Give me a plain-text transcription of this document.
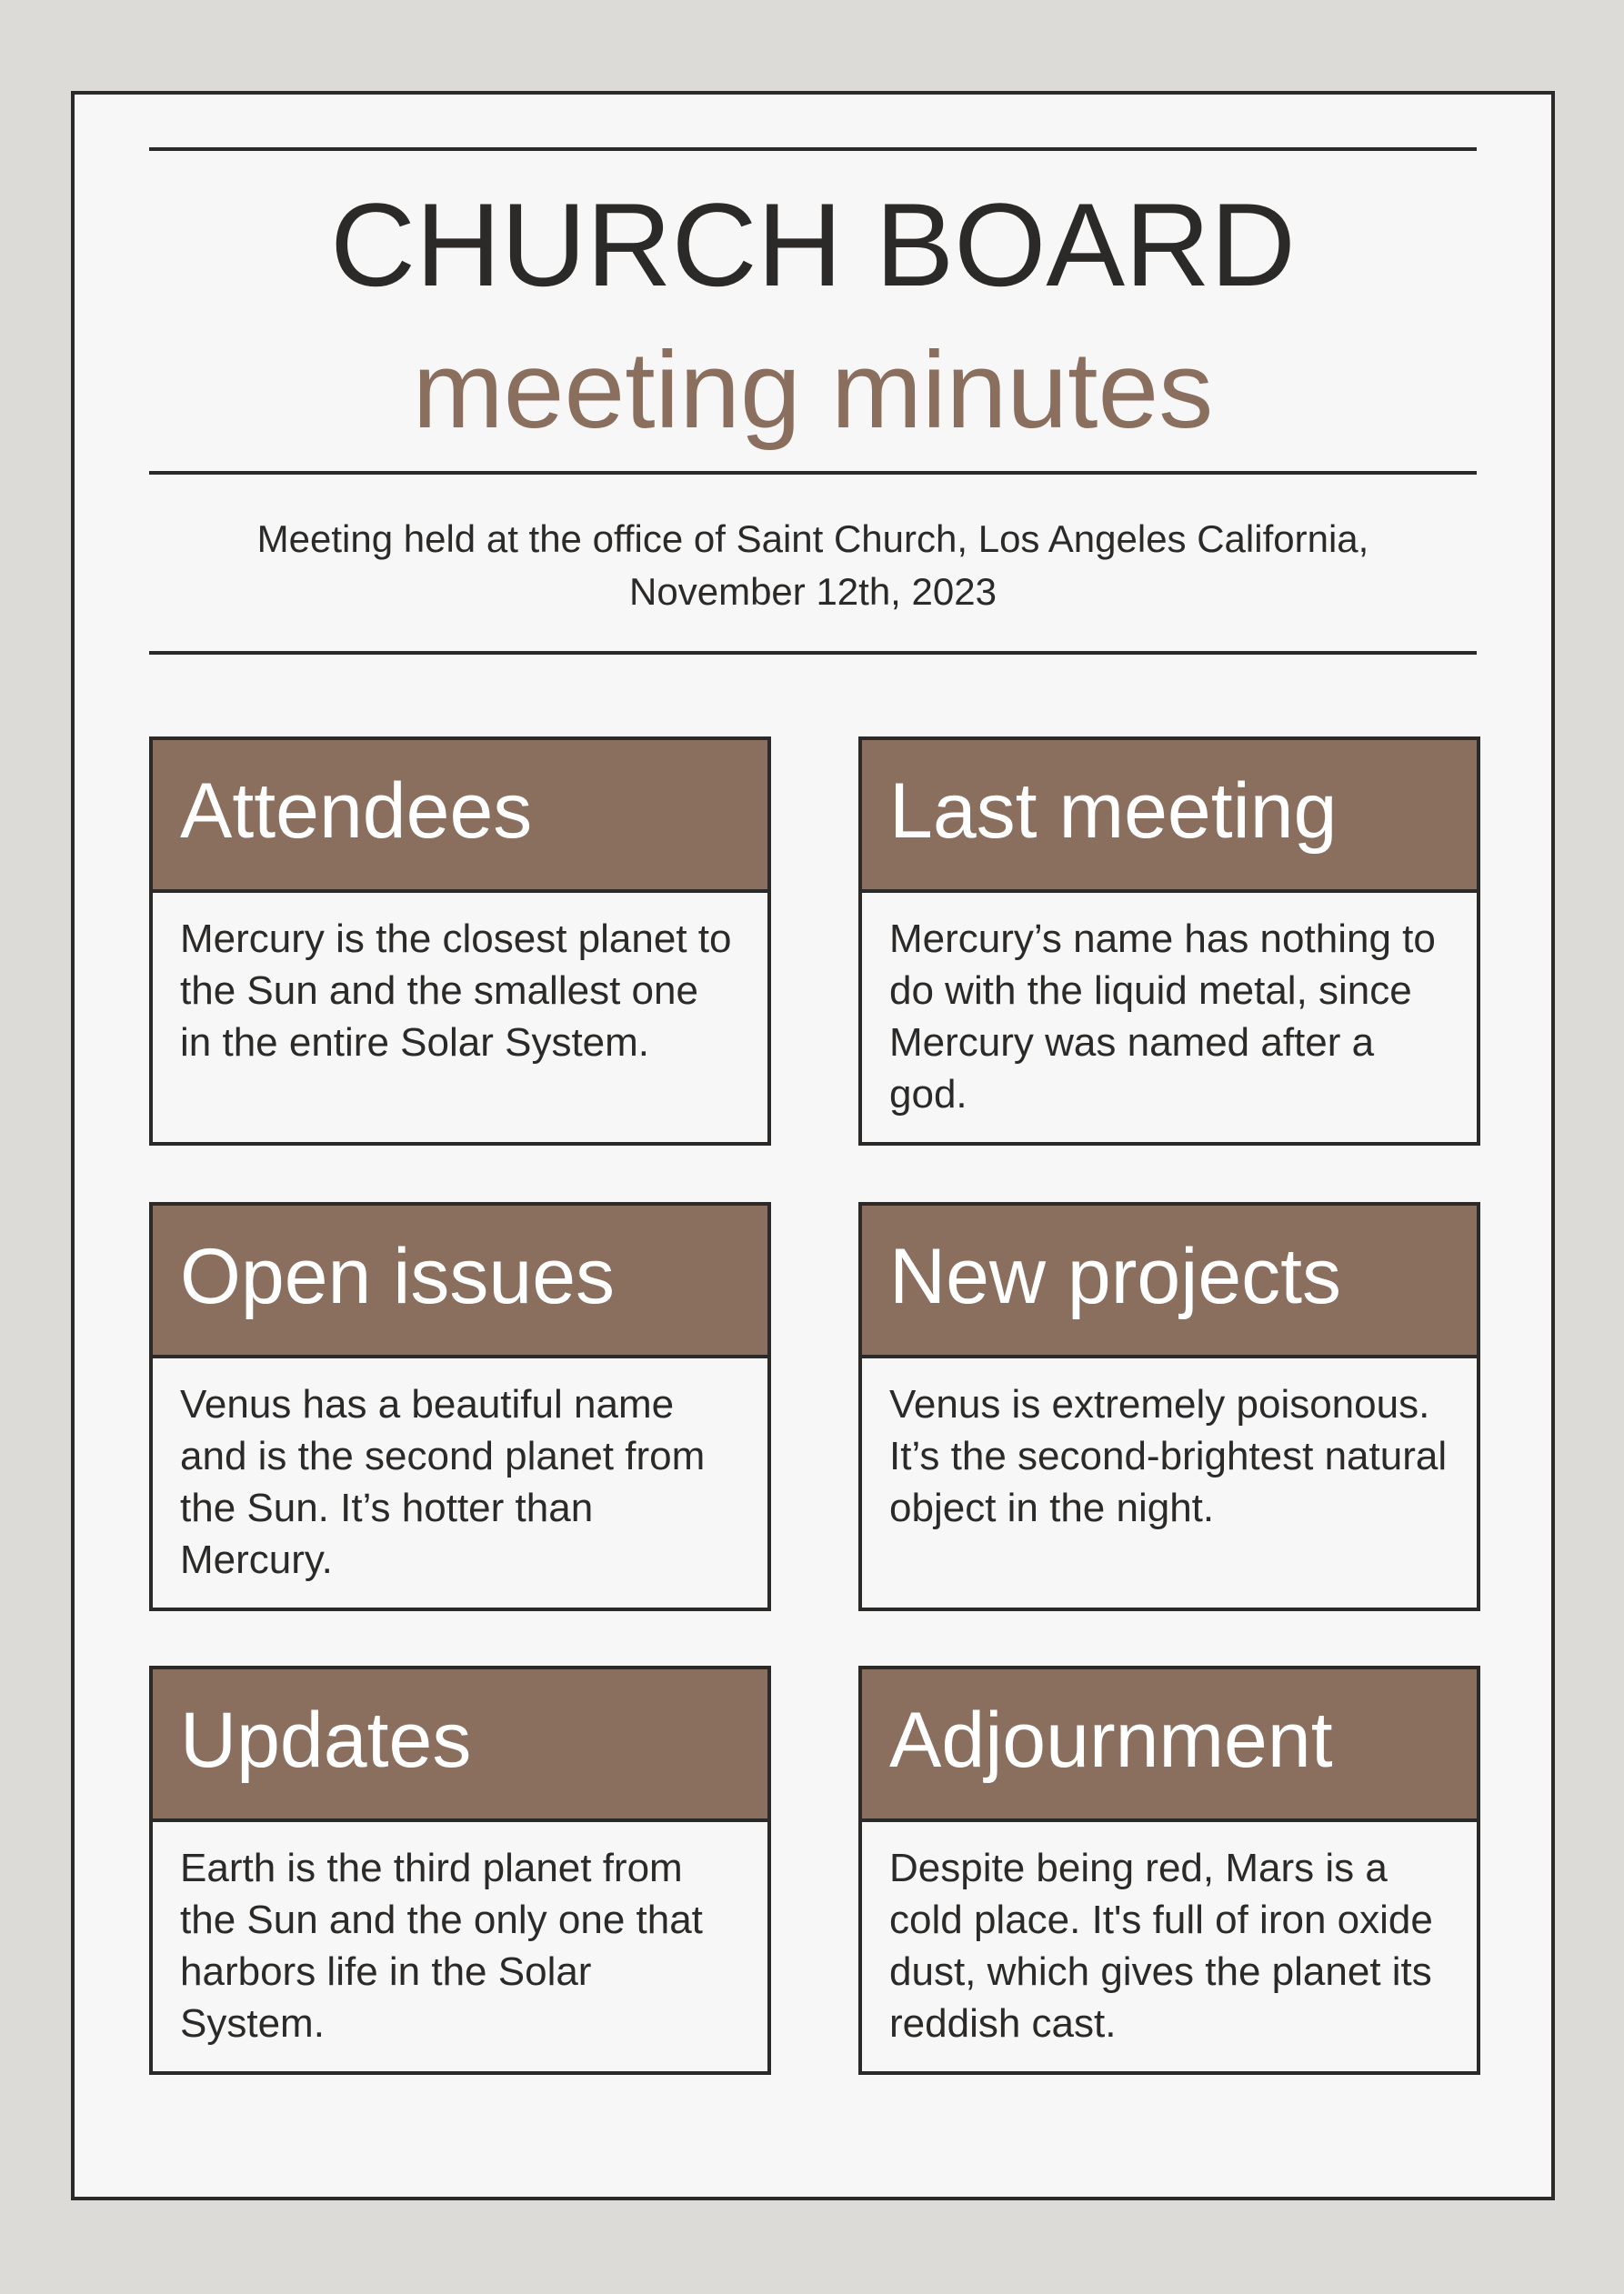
CHURCH BOARD
meeting minutes
Meeting held at the office of Saint Church, Los Angeles California,
November 12th, 2023
Attendees
Mercury is the closest planet to the Sun and the smallest one in the entire Solar System.
Last meeting
Mercury’s name has nothing to do with the liquid metal, since Mercury was named after a god.
Open issues
Venus has a beautiful name and is the second planet from the Sun. It’s hotter than Mercury.
New projects
Venus is extremely poisonous. It’s the second-brightest natural object in the night.
Updates
Earth is the third planet from the Sun and the only one that harbors life in the Solar System.
Adjournment
Despite being red, Mars is a cold place. It's full of iron oxide dust, which gives the planet its reddish cast.
